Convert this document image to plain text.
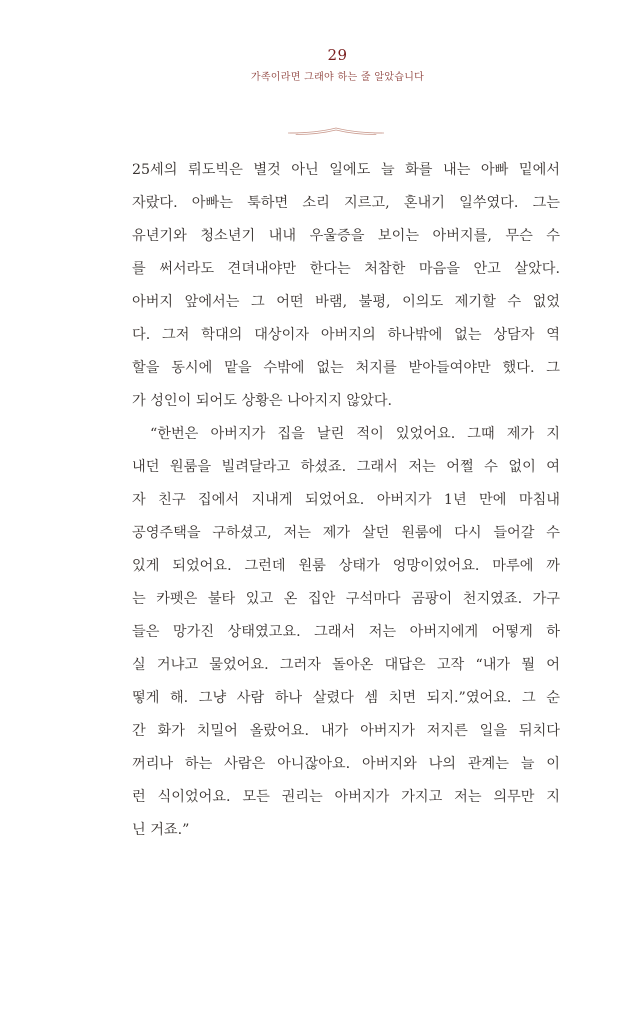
29
가족이라면 그래야 하는 줄 알았습니다
25세의 뤼도빅은 별것 아닌 일에도 늘 화를 내는 아빠 밑에서
자랐다. 아빠는 툭하면 소리 지르고, 혼내기 일쑤였다. 그는
유년기와 청소년기 내내 우울증을 보이는 아버지를, 무슨 수
를 써서라도 견뎌내야만 한다는 처참한 마음을 안고 살았다.
아버지 앞에서는 그 어떤 바램, 불평, 이의도 제기할 수 없었
다. 그저 학대의 대상이자 아버지의 하나밖에 없는 상담자 역
할을 동시에 맡을 수밖에 없는 처지를 받아들여야만 했다. 그
가 성인이 되어도 상황은 나아지지 않았다.
“한번은 아버지가 집을 날린 적이 있었어요. 그때 제가 지
내던 원룸을 빌려달라고 하셨죠. 그래서 저는 어쩔 수 없이 여
자 친구 집에서 지내게 되었어요. 아버지가 1년 만에 마침내
공영주택을 구하셨고, 저는 제가 살던 원룸에 다시 들어갈 수
있게 되었어요. 그런데 원룸 상태가 엉망이었어요. 마루에 까
는 카펫은 불타 있고 온 집안 구석마다 곰팡이 천지였죠. 가구
들은 망가진 상태였고요. 그래서 저는 아버지에게 어떻게 하
실 거냐고 물었어요. 그러자 돌아온 대답은 고작 “내가 뭘 어
떻게 해. 그냥 사람 하나 살렸다 셈 치면 되지.”였어요. 그 순
간 화가 치밀어 올랐어요. 내가 아버지가 저지른 일을 뒤치다
꺼리나 하는 사람은 아니잖아요. 아버지와 나의 관계는 늘 이
런 식이었어요. 모든 권리는 아버지가 가지고 저는 의무만 지
닌 거죠.”
